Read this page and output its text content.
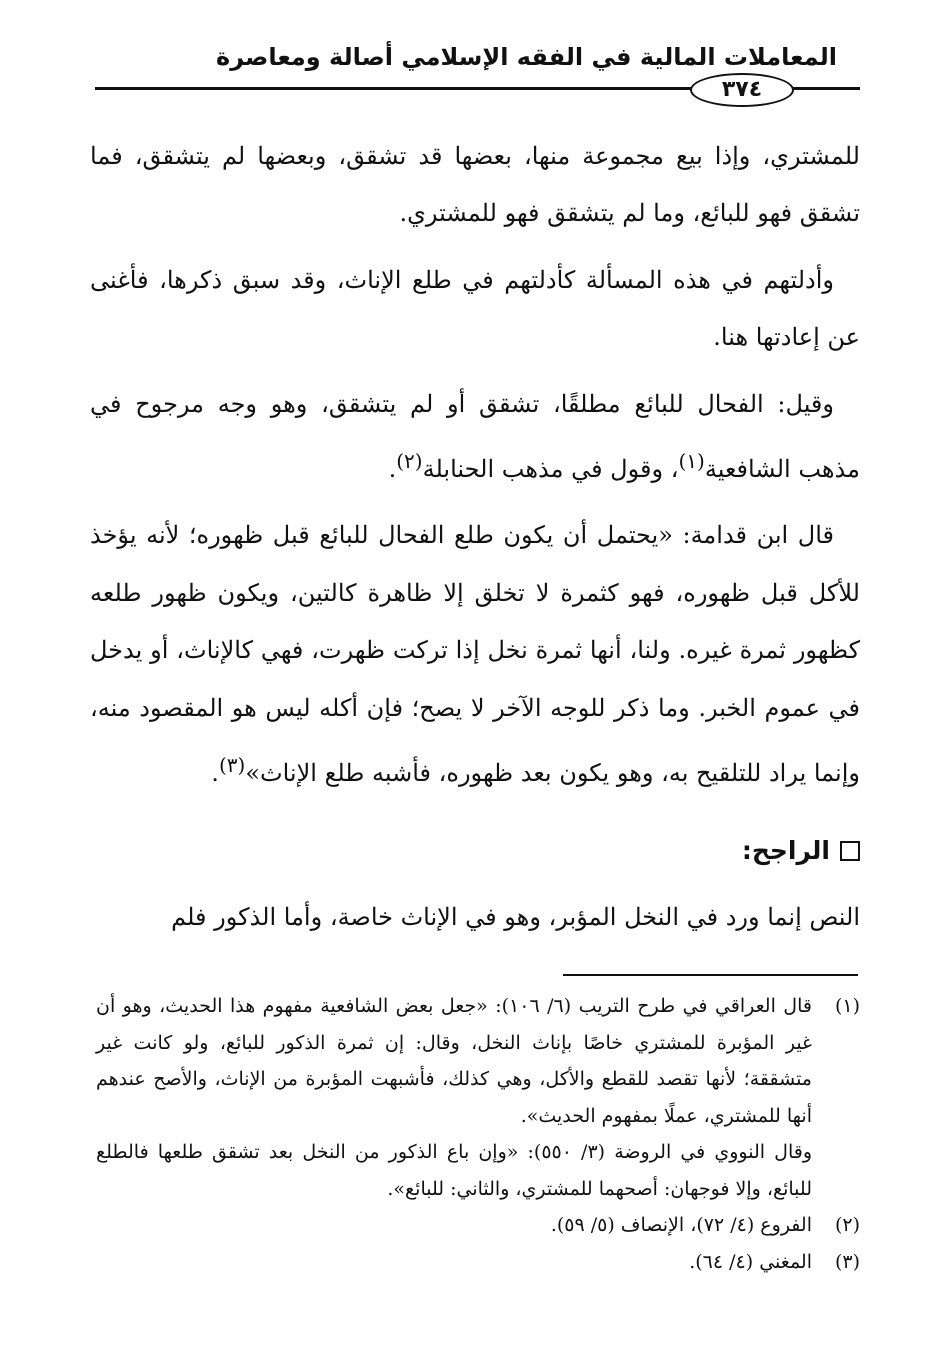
المعاملات المالية في الفقه الإسلامي أصالة ومعاصرة
٣٧٤

للمشتري، وإذا بيع مجموعة منها، بعضها قد تشقق، وبعضها لم يتشقق، فما تشقق فهو للبائع، وما لم يتشقق فهو للمشتري.

وأدلتهم في هذه المسألة كأدلتهم في طلع الإناث، وقد سبق ذكرها، فأغنى عن إعادتها هنا.

وقيل: الفحال للبائع مطلقًا، تشقق أو لم يتشقق، وهو وجه مرجوح في مذهب الشافعية$^{(١)}$، وقول في مذهب الحنابلة$^{(٢)}$.

قال ابن قدامة: «يحتمل أن يكون طلع الفحال للبائع قبل ظهوره؛ لأنه يؤخذ للأكل قبل ظهوره، فهو كثمرة لا تخلق إلا ظاهرة كالتين، ويكون ظهور طلعه كظهور ثمرة غيره. ولنا، أنها ثمرة نخل إذا تركت ظهرت، فهي كالإناث، أو يدخل في عموم الخبر. وما ذكر للوجه الآخر لا يصح؛ فإن أكله ليس هو المقصود منه، وإنما يراد للتلقيح به، وهو يكون بعد ظهوره، فأشبه طلع الإناث»$^{(٣)}$.

الراجح:

النص إنما ورد في النخل المؤبر، وهو في الإناث خاصة، وأما الذكور فلم

(١)
قال العراقي في طرح التريب (٦/ ١٠٦): «جعل بعض الشافعية مفهوم هذا الحديث، وهو أن غير المؤبرة للمشتري خاصًا بإناث النخل، وقال: إن ثمرة الذكور للبائع، ولو كانت غير متشققة؛ لأنها تقصد للقطع والأكل، وهي كذلك، فأشبهت المؤبرة من الإناث، والأصح عندهم أنها للمشتري، عملًا بمفهوم الحديث».
وقال النووي في الروضة (٣/ ٥٥٠): «وإن باع الذكور من النخل بعد تشقق طلعها فالطلع للبائع، وإلا فوجهان: أصحهما للمشتري، والثاني: للبائع».
(٢)
الفروع (٤/ ٧٢)، الإنصاف (٥/ ٥٩).
(٣)
المغني (٤/ ٦٤).
